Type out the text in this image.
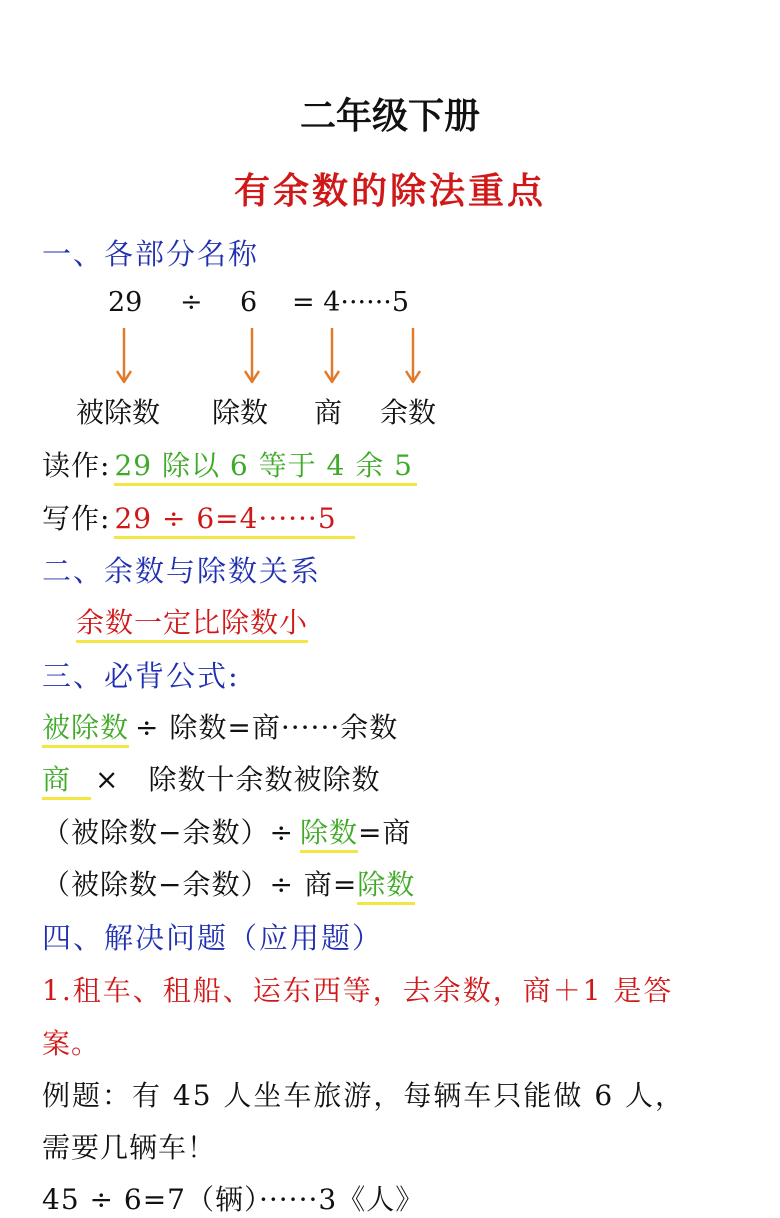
二年级下册
有余数的除法重点
一、各部分名称
29 ÷ 6 = 4······5
被除数 除数 商 余数
读作: 29 除以 6 等于 4 余 5
写作: 29 ÷ 6=4······5
二、余数与除数关系
余数一定比除数小
三、必背公式:
被除数 ÷ 除数=商······余数
商 ×　除数十余数被除数
（被除数−余数）÷ 除数=商
（被除数−余数）÷ 商=除数
四、解决问题（应用题）
1.租车、租船、运东西等，去余数，商＋1 是答
案。
例题：有 45 人坐车旅游，每辆车只能做 6 人，
需要几辆车！
45 ÷ 6=7（辆）······3《人》
